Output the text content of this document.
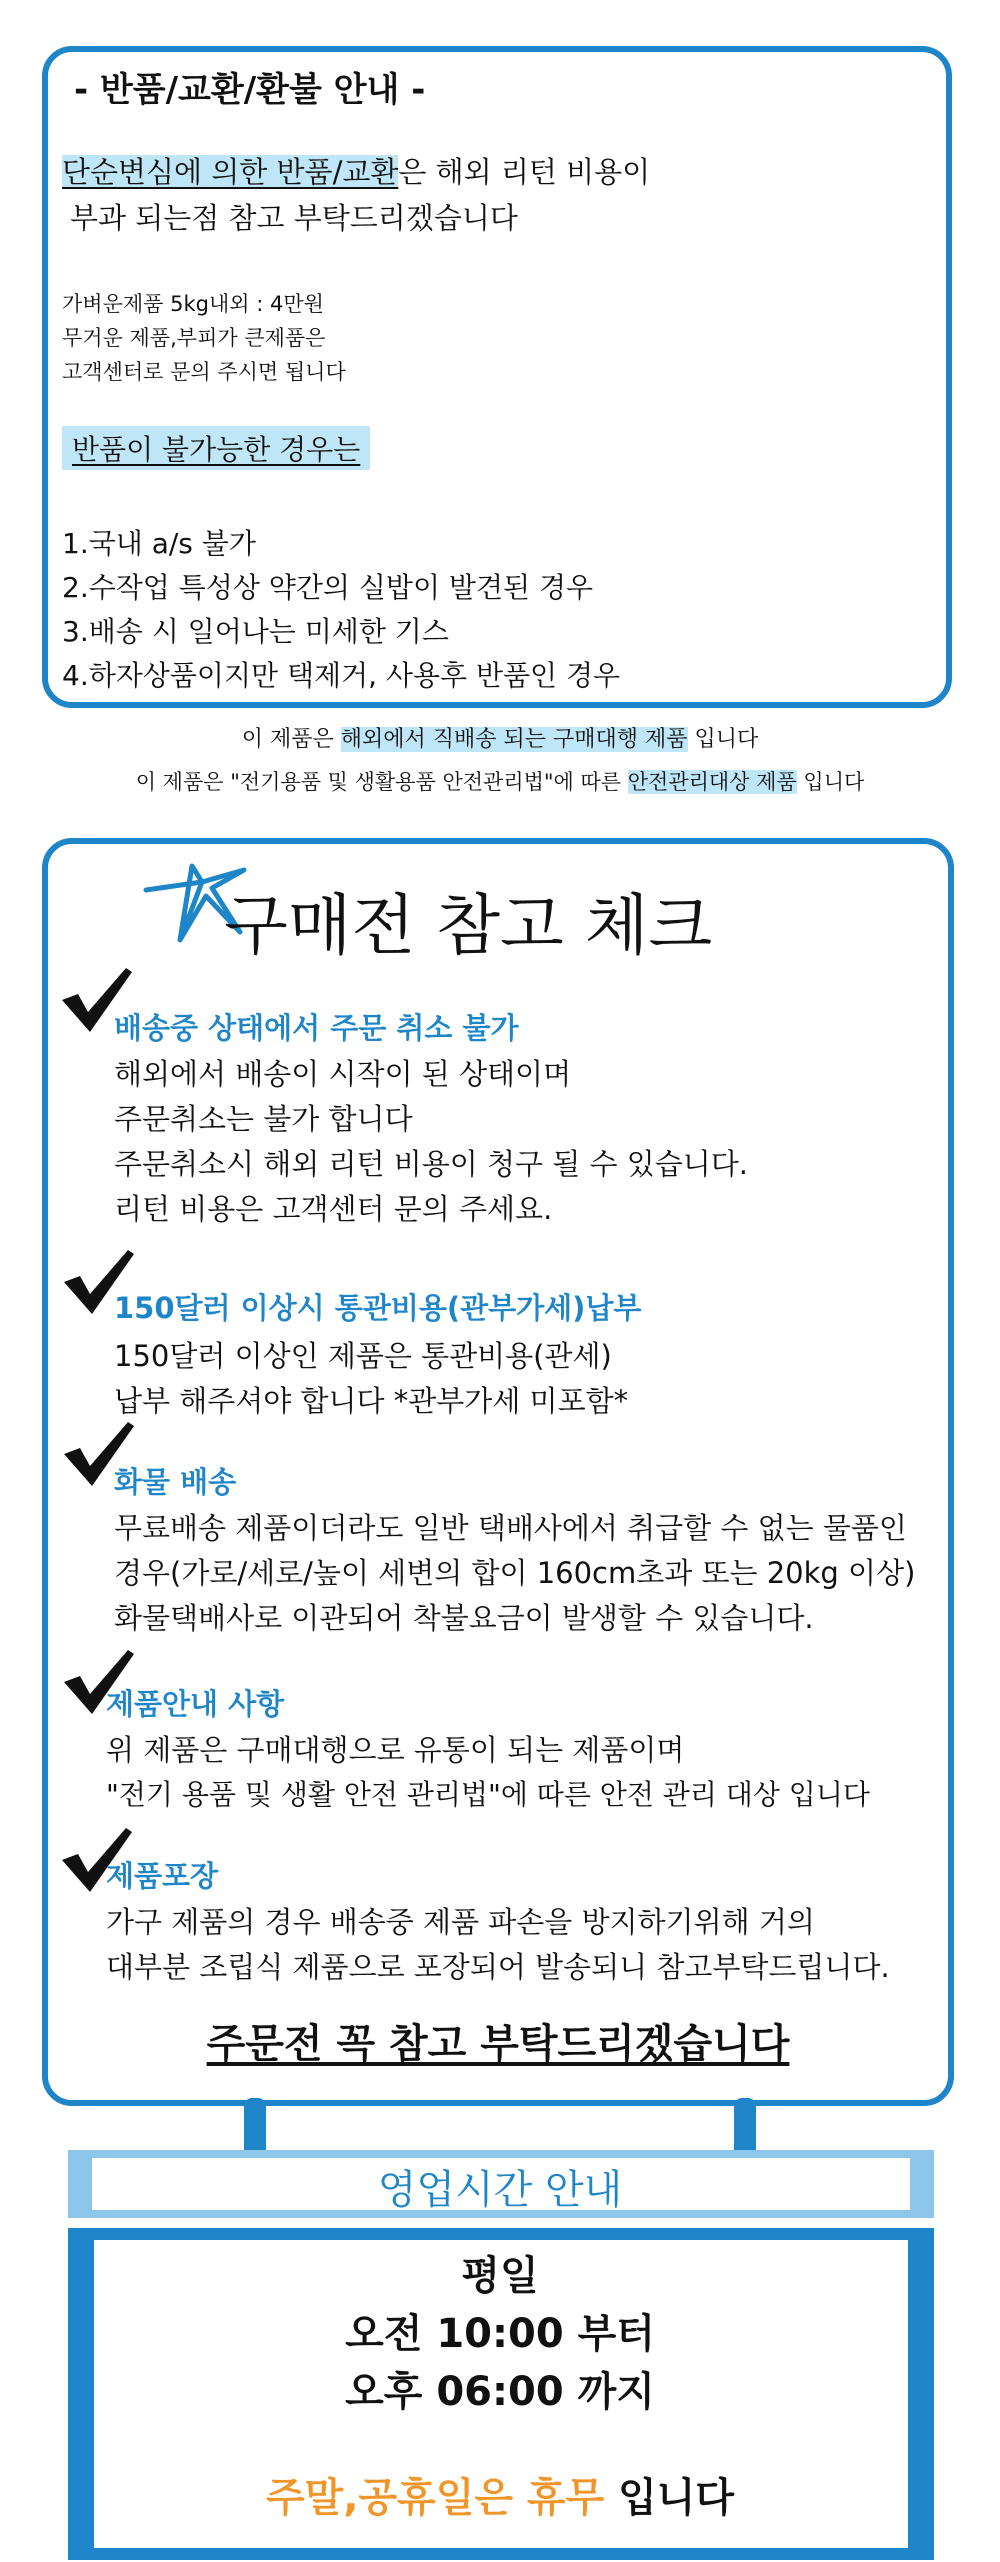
- 반품/교환/환불 안내 -
단순변심에 의한 반품/교환은 해외 리턴 비용이
부과 되는점 참고 부탁드리겠습니다
가벼운제품 5kg내외 : 4만원
무거운 제품,부피가 큰제품은
고객센터로 문의 주시면 됩니다
반품이 불가능한 경우는
1.국내 a/s 불가
2.수작업 특성상 약간의 실밥이 발견된 경우
3.배송 시 일어나는 미세한 기스
4.하자상품이지만 택제거, 사용후 반품인 경우
이 제품은 해외에서 직배송 되는 구매대행 제품 입니다
이 제품은 "전기용품 및 생활용품 안전관리법"에 따른 안전관리대상 제품 입니다
구매전 참고 체크
배송중 상태에서 주문 취소 불가
해외에서 배송이 시작이 된 상태이며
주문취소는 불가 합니다
주문취소시 해외 리턴 비용이 청구 될 수 있습니다.
리턴 비용은 고객센터 문의 주세요.
150달러 이상시 통관비용(관부가세)납부
150달러 이상인 제품은 통관비용(관세)
납부 해주셔야 합니다 *관부가세 미포함*
화물 배송
무료배송 제품이더라도 일반 택배사에서 취급할 수 없는 물품인
경우(가로/세로/높이 세변의 합이 160cm초과 또는 20kg 이상)
화물택배사로 이관되어 착불요금이 발생할 수 있습니다.
제품안내 사항
위 제품은 구매대행으로 유통이 되는 제품이며
"전기 용품 및 생활 안전 관리법"에 따른 안전 관리 대상 입니다
제품포장
가구 제품의 경우 배송중 제품 파손을 방지하기위해 거의
대부분 조립식 제품으로 포장되어 발송되니 참고부탁드립니다.
주문전 꼭 참고 부탁드리겠습니다
영업시간 안내
평일
오전 10:00 부터
오후 06:00 까지
주말,공휴일은 휴무 입니다
